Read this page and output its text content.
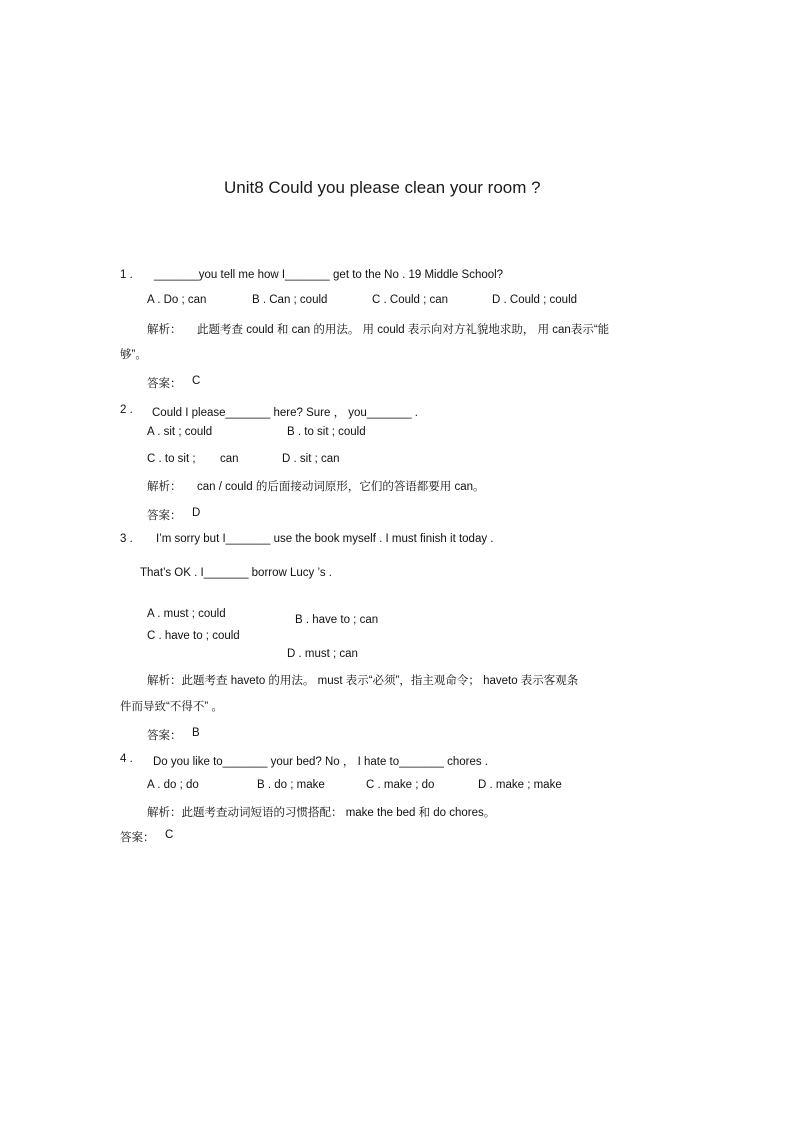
Unit8 Could you please clean your room ?
1 . _______you tell me how I_______ get to the No . 19 Middle School?
A . Do ; can	B . Can ; could	C . Could ; can	D . Could ; could
解析： 此题考查 could 和 can 的用法。 用 could 表示向对方礼貌地求助， 用 can表示“能
够”。
答案： C
2 . Could I please_______ here? Sure ， you_______ .
A . sit ; could	B . to sit ; could
C . to sit ; can	D . sit ; can
解析： can / could 的后面接动词原形，它们的答语都要用 can。
答案： D
3 . I’m sorry but I_______ use the book myself . I must finish it today .
That’s OK . I_______ borrow Lucy ’s .
A . must ; could	B . have to ; can
C . have to ; could
D . must ; can
解析：此题考查 haveto 的用法。 must 表示“必须”，指主观命令； haveto 表示客观条
件而导致“不得不” 。
答案： B
4 . Do you like to_______ your bed? No ， I hate to_______ chores .
A . do ; do	B . do ; make	C . make ; do	D . make ; make
解析：此题考查动词短语的习惯搭配： make the bed 和 do chores。
答案： C
